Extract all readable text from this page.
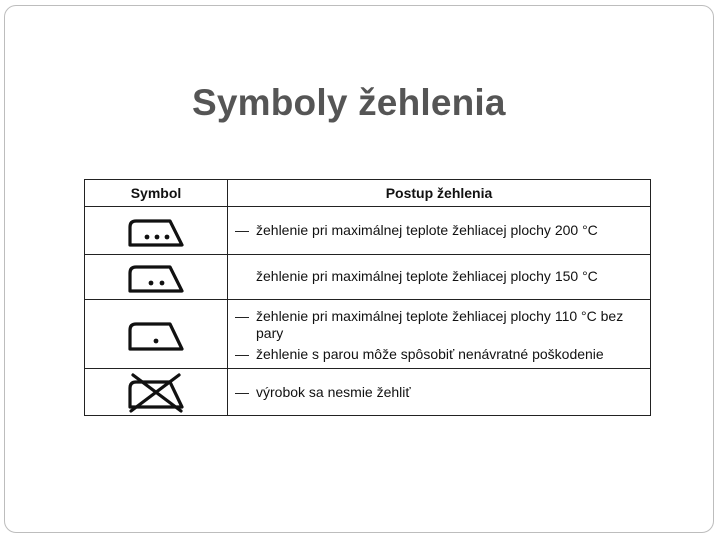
Symboly žehlenia
Symbol	Postup žehlenia

— žehlenie pri maximálnej teplote žehliacej plochy 200 °C

žehlenie pri maximálnej teplote žehliacej plochy 150 °C

— žehlenie pri maximálnej teplote žehliacej plochy 110 °C bez pary
— žehlenie s parou môže spôsobiť nenávratné poškodenie

— výrobok sa nesmie žehliť
